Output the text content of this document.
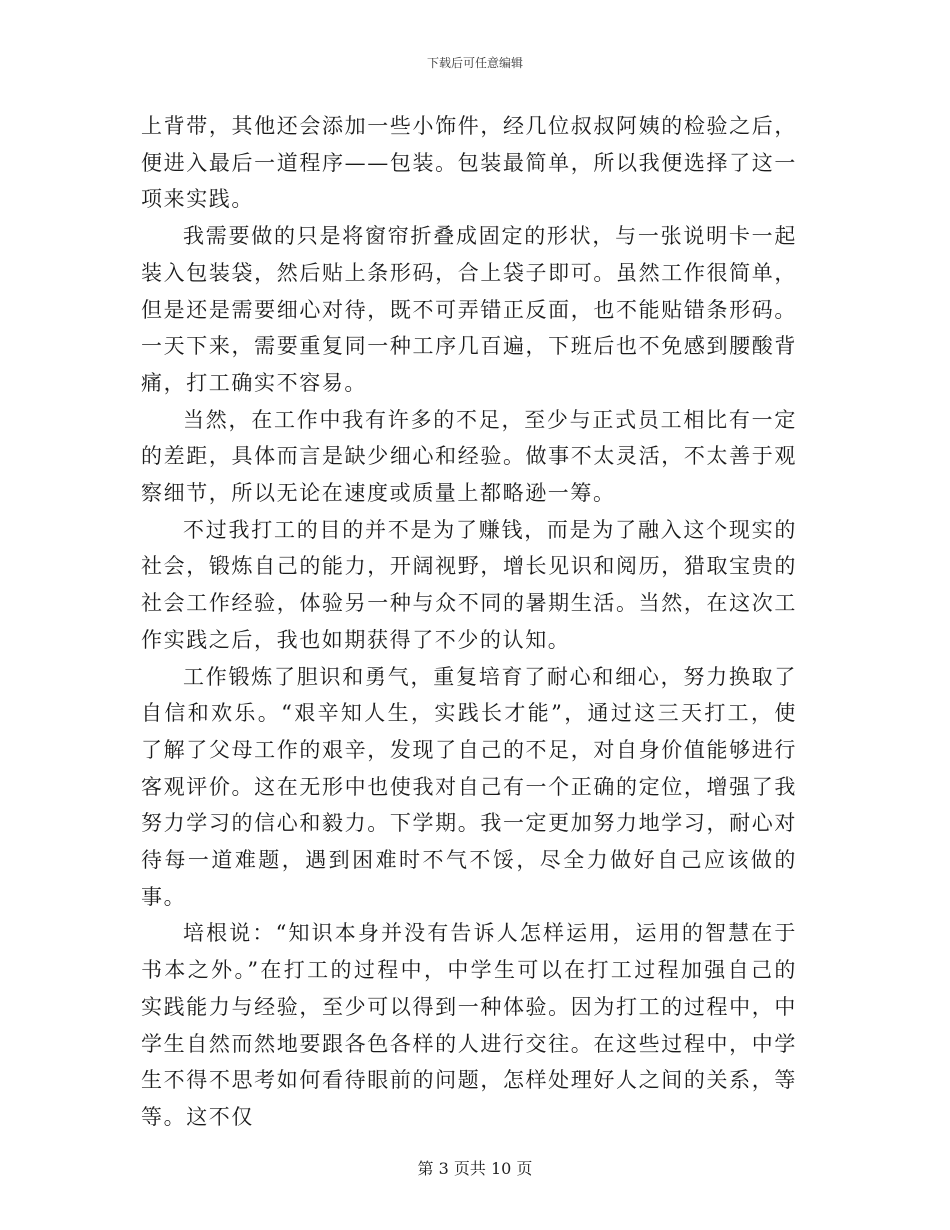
下载后可任意编辑

上背带，其他还会添加一些小饰件，经几位叔叔阿姨的检验之后，便进入最后一道程序——包装。包装最简单，所以我便选择了这一项来实践。

我需要做的只是将窗帘折叠成固定的形状，与一张说明卡一起装入包装袋，然后贴上条形码，合上袋子即可。虽然工作很简单，但是还是需要细心对待，既不可弄错正反面，也不能贴错条形码。一天下来，需要重复同一种工序几百遍，下班后也不免感到腰酸背痛，打工确实不容易。

当然，在工作中我有许多的不足，至少与正式员工相比有一定的差距，具体而言是缺少细心和经验。做事不太灵活，不太善于观察细节，所以无论在速度或质量上都略逊一筹。

不过我打工的目的并不是为了赚钱，而是为了融入这个现实的社会，锻炼自己的能力，开阔视野，增长见识和阅历，猎取宝贵的社会工作经验，体验另一种与众不同的暑期生活。当然，在这次工作实践之后，我也如期获得了不少的认知。

工作锻炼了胆识和勇气，重复培育了耐心和细心，努力换取了自信和欢乐。“艰辛知人生，实践长才能”，通过这三天打工，使了解了父母工作的艰辛，发现了自己的不足，对自身价值能够进行客观评价。这在无形中也使我对自己有一个正确的定位，增强了我努力学习的信心和毅力。下学期。我一定更加努力地学习，耐心对待每一道难题，遇到困难时不气不馁，尽全力做好自己应该做的事。

培根说：“知识本身并没有告诉人怎样运用，运用的智慧在于书本之外。”在打工的过程中，中学生可以在打工过程加强自己的实践能力与经验，至少可以得到一种体验。因为打工的过程中，中学生自然而然地要跟各色各样的人进行交往。在这些过程中，中学生不得不思考如何看待眼前的问题，怎样处理好人之间的关系，等等。这不仅

第 3 页共 10 页
